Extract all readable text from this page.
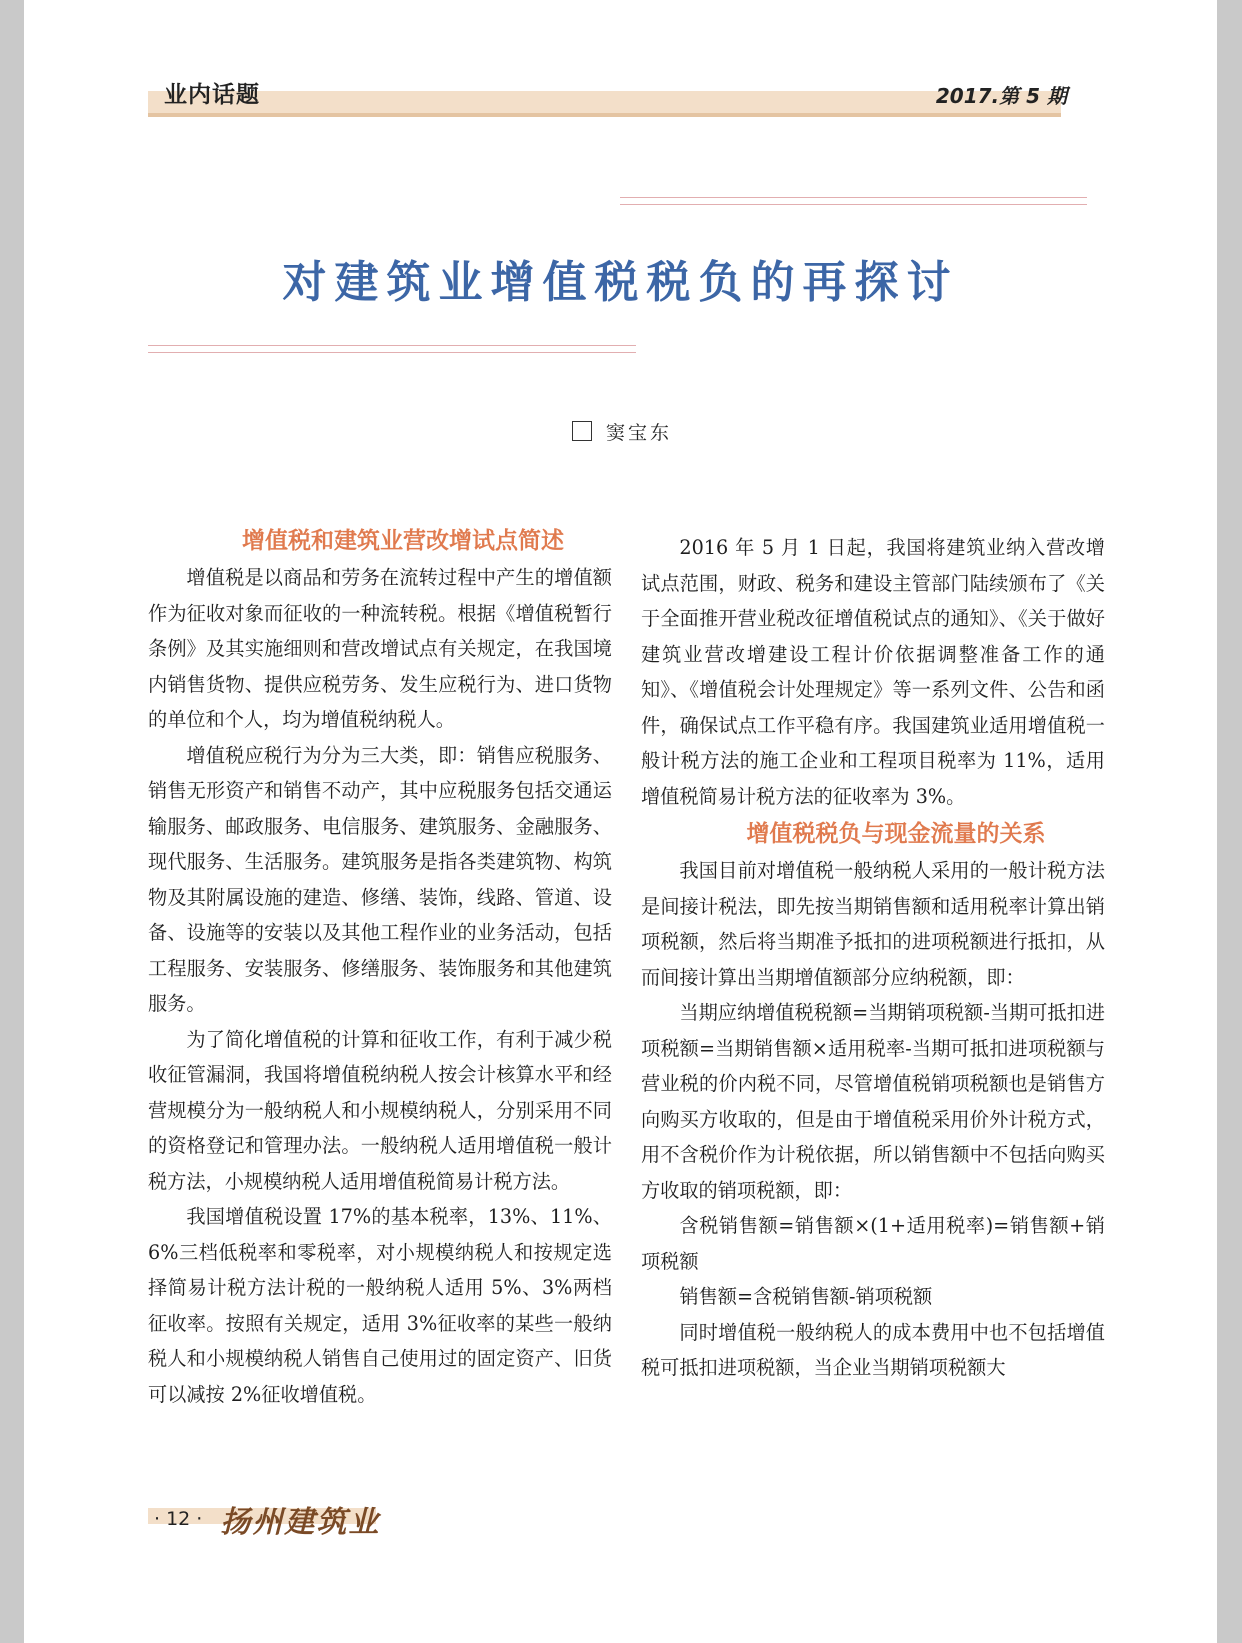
业内话题	2017.第 5 期
对建筑业增值税税负的再探讨
窦宝东

增值税和建筑业营改增试点简述

增值税是以商品和劳务在流转过程中产生的增值额作为征收对象而征收的一种流转税。根据《增值税暂行条例》及其实施细则和营改增试点有关规定，在我国境内销售货物、提供应税劳务、发生应税行为、进口货物的单位和个人，均为增值税纳税人。

增值税应税行为分为三大类，即：销售应税服务、销售无形资产和销售不动产，其中应税服务包括交通运输服务、邮政服务、电信服务、建筑服务、金融服务、现代服务、生活服务。建筑服务是指各类建筑物、构筑物及其附属设施的建造、修缮、装饰，线路、管道、设备、设施等的安装以及其他工程作业的业务活动，包括工程服务、安装服务、修缮服务、装饰服务和其他建筑服务。

为了简化增值税的计算和征收工作，有利于减少税收征管漏洞，我国将增值税纳税人按会计核算水平和经营规模分为一般纳税人和小规模纳税人，分别采用不同的资格登记和管理办法。一般纳税人适用增值税一般计税方法，小规模纳税人适用增值税简易计税方法。

我国增值税设置 17%的基本税率，13%、11%、6%三档低税率和零税率，对小规模纳税人和按规定选择简易计税方法计税的一般纳税人适用 5%、3%两档征收率。按照有关规定，适用 3%征收率的某些一般纳税人和小规模纳税人销售自己使用过的固定资产、旧货可以减按 2%征收增值税。

2016 年 5 月 1 日起，我国将建筑业纳入营改增试点范围，财政、税务和建设主管部门陆续颁布了《关于全面推开营业税改征增值税试点的通知》、《关于做好建筑业营改增建设工程计价依据调整准备工作的通知》、《增值税会计处理规定》等一系列文件、公告和函件，确保试点工作平稳有序。我国建筑业适用增值税一般计税方法的施工企业和工程项目税率为 11%，适用增值税简易计税方法的征收率为 3%。

增值税税负与现金流量的关系

我国目前对增值税一般纳税人采用的一般计税方法是间接计税法，即先按当期销售额和适用税率计算出销项税额，然后将当期准予抵扣的进项税额进行抵扣，从而间接计算出当期增值额部分应纳税额，即：

当期应纳增值税税额=当期销项税额-当期可抵扣进项税额=当期销售额×适用税率-当期可抵扣进项税额与营业税的价内税不同，尽管增值税销项税额也是销售方向购买方收取的，但是由于增值税采用价外计税方式，用不含税价作为计税依据，所以销售额中不包括向购买方收取的销项税额，即：

含税销售额=销售额×(1+适用税率)=销售额+销项税额

销售额=含税销售额-销项税额

同时增值税一般纳税人的成本费用中也不包括增值税可抵扣进项税额，当企业当期销项税额大

· 12 · 扬州建筑业
